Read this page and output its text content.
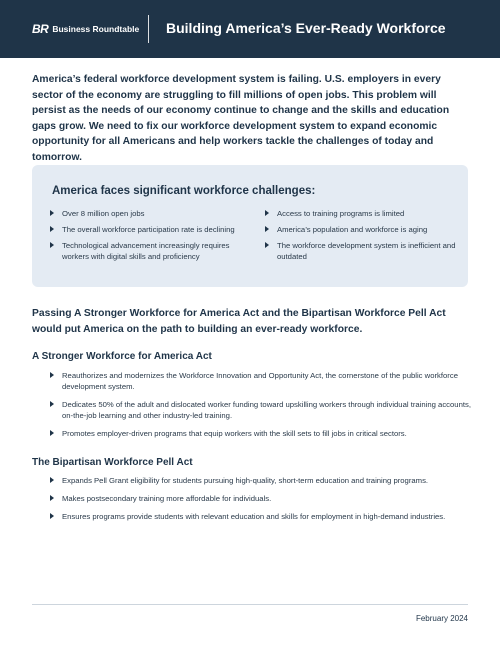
BR Business Roundtable Building America’s Ever-Ready Workforce

America’s federal workforce development system is failing. U.S. employers in every sector of the economy are struggling to fill millions of open jobs. This problem will persist as the needs of our economy continue to change and the skills and education gaps grow. We need to fix our workforce development system to expand economic opportunity for all Americans and help workers tackle the challenges of today and tomorrow.

America faces significant workforce challenges:
Over 8 million open jobs
The overall workforce participation rate is declining
Technological advancement increasingly requires workers with digital skills and proficiency
Access to training programs is limited
America’s population and workforce is aging
The workforce development system is inefficient and outdated

Passing A Stronger Workforce for America Act and the Bipartisan Workforce Pell Act would put America on the path to building an ever-ready workforce.

A Stronger Workforce for America Act
Reauthorizes and modernizes the Workforce Innovation and Opportunity Act, the cornerstone of the public workforce development system.
Dedicates 50% of the adult and dislocated worker funding toward upskilling workers through individual training accounts, on-the-job learning and other industry-led training.
Promotes employer-driven programs that equip workers with the skill sets to fill jobs in critical sectors.
The Bipartisan Workforce Pell Act
Expands Pell Grant eligibility for students pursuing high-quality, short-term education and training programs.
Makes postsecondary training more affordable for individuals.
Ensures programs provide students with relevant education and skills for employment in high-demand industries.
February 2024
